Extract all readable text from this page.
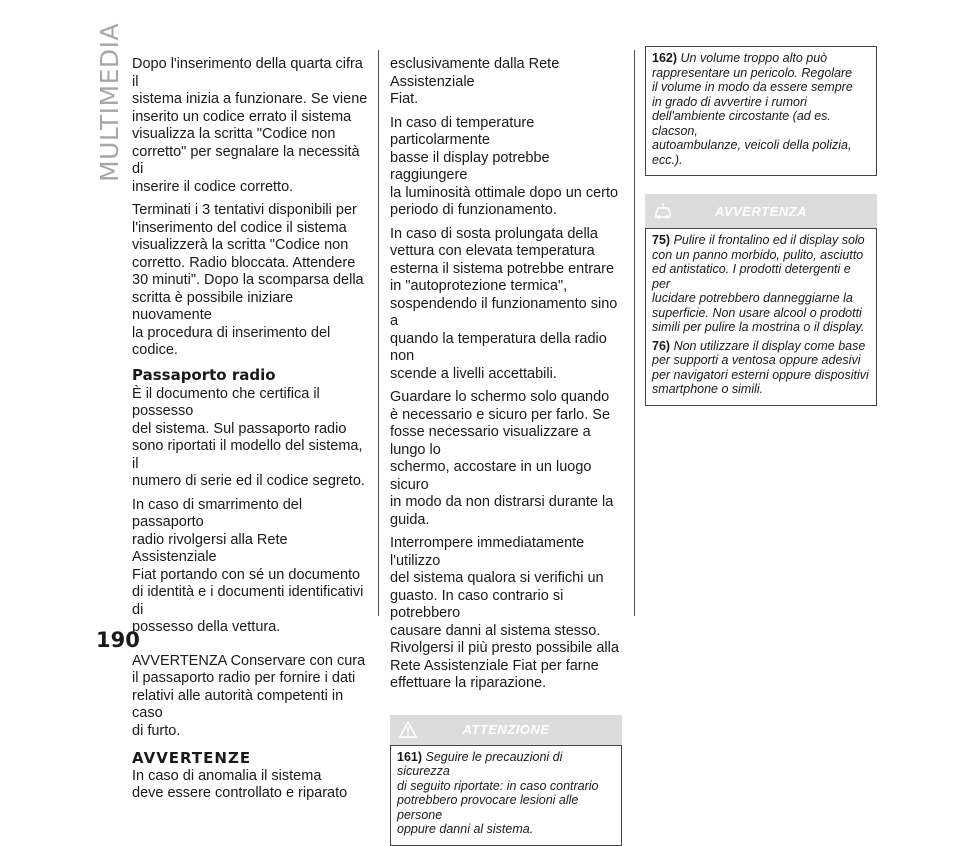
MULTIMEDIA Dopo l'inserimento della quarta cifra il
sistema inizia a funzionare. Se viene
inserito un codice errato il sistema
visualizza la scritta "Codice non
corretto" per segnalare la necessità di
inserire il codice corretto.

Terminati i 3 tentativi disponibili per
l'inserimento del codice il sistema
visualizzerà la scritta "Codice non
corretto. Radio bloccata. Attendere
30 minuti". Dopo la scomparsa della
scritta è possibile iniziare nuovamente
la procedura di inserimento del codice.

Passaporto radio

È il documento che certifica il possesso
del sistema. Sul passaporto radio
sono riportati il modello del sistema, il
numero di serie ed il codice segreto.

In caso di smarrimento del passaporto
radio rivolgersi alla Rete Assistenziale
Fiat portando con sé un documento
di identità e i documenti identificativi di
possesso della vettura.

AVVERTENZA Conservare con cura
il passaporto radio per fornire i dati
relativi alle autorità competenti in caso
di furto.

AVVERTENZE

In caso di anomalia il sistema
deve essere controllato e riparato

esclusivamente dalla Rete Assistenziale
Fiat.

In caso di temperature particolarmente
basse il display potrebbe raggiungere
la luminosità ottimale dopo un certo
periodo di funzionamento.

In caso di sosta prolungata della
vettura con elevata temperatura
esterna il sistema potrebbe entrare
in "autoprotezione termica",
sospendendo il funzionamento sino a
quando la temperatura della radio non
scende a livelli accettabili.

Guardare lo schermo solo quando
è necessario e sicuro per farlo. Se
fosse necessario visualizzare a lungo lo
schermo, accostare in un luogo sicuro
in modo da non distrarsi durante la
guida.

Interrompere immediatamente l'utilizzo
del sistema qualora si verifichi un
guasto. In caso contrario si potrebbero
causare danni al sistema stesso.
Rivolgersi il più presto possibile alla
Rete Assistenziale Fiat per farne
effettuare la riparazione.

ATTENZIONE

161) Seguire le precauzioni di sicurezza
di seguito riportate: in caso contrario
potrebbero provocare lesioni alle persone
oppure danni al sistema.

162) Un volume troppo alto può
rappresentare un pericolo. Regolare
il volume in modo da essere sempre
in grado di avvertire i rumori
dell'ambiente circostante (ad es. clacson,
autoambulanze, veicoli della polizia, ecc.).

AVVERTENZA

75) Pulire il frontalino ed il display solo
con un panno morbido, pulito, asciutto
ed antistatico. I prodotti detergenti e per
lucidare potrebbero danneggiarne la
superficie. Non usare alcool o prodotti
simili per pulire la mostrina o il display.

76) Non utilizzare il display come base
per supporti a ventosa oppure adesivi
per navigatori esterni oppure dispositivi
smartphone o simili.

190
